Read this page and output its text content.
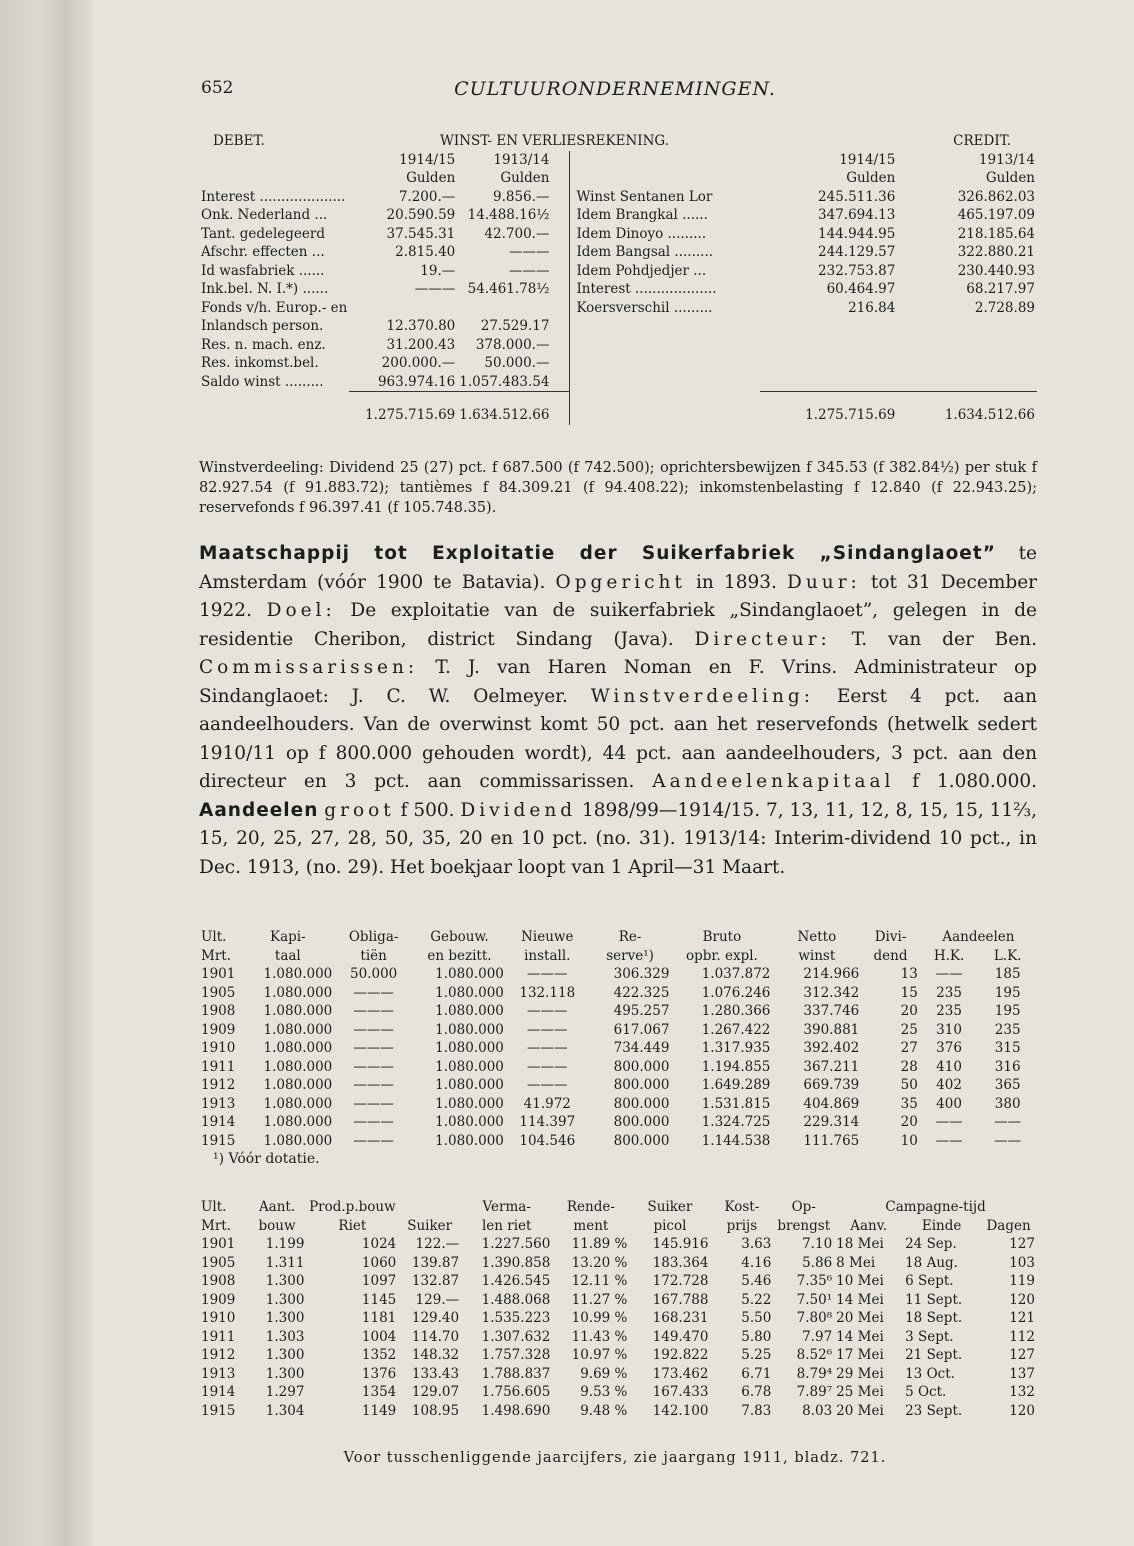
652	CULTUURONDERNEMINGEN.
DEBET.	WINST- EN VERLIESREKENING.				CREDIT.
	1914/15	1913/14		1914/15	1913/14
	Gulden	Gulden		Gulden	Gulden
Interest ....................	7.200.—	9.856.—	Winst Sentanen Lor	245.511.36	326.862.03
Onk. Nederland ...	20.590.59	14.488.16½	Idem Brangkal ......	347.694.13	465.197.09
Tant. gedelegeerd	37.545.31	42.700.—	Idem Dinoyo .........	144.944.95	218.185.64
Afschr. effecten ...	2.815.40	———	Idem Bangsal .........	244.129.57	322.880.21
Id wasfabriek ......	19.—	———	Idem Pohdjedjer ...	232.753.87	230.440.93
Ink.bel. N. I.*) ......	———	54.461.78½	Interest ...................	60.464.97	68.217.97
Fonds v/h. Europ.- en			Koersverschil .........	216.84	2.728.89
Inlandsch person.	12.370.80	27.529.17			
Res. n. mach. enz.	31.200.43	378.000.—			
Res. inkomst.bel.	200.000.—	50.000.—			
Saldo winst .........	963.974.16	1.057.483.54			

	1.275.715.69	1.634.512.66		1.275.715.69	1.634.512.66
Winstverdeeling: Dividend 25 (27) pct. f 687.500 (f 742.500); oprichtersbewijzen f 345.53 (f 382.84½) per stuk f 82.927.54 (f 91.883.72); tantièmes f 84.309.21 (f 94.408.22); inkomstenbelasting f 12.840 (f 22.943.25); reservefonds f 96.397.41 (f 105.748.35).
Maatschappij tot Exploitatie der Suikerfabriek „Sindanglaoet” te Amsterdam (vóór 1900 te Batavia). Opgericht in 1893. Duur: tot 31 December 1922. Doel: De exploitatie van de suikerfabriek „Sindanglaoet”, gelegen in de residentie Cheribon, district Sindang (Java). Directeur: T. van der Ben. Commissarissen: T. J. van Haren Noman en F. Vrins. Administrateur op Sindanglaoet: J. C. W. Oelmeyer. Winstverdeeling: Eerst 4 pct. aan aandeelhouders. Van de overwinst komt 50 pct. aan het reservefonds (hetwelk sedert 1910/11 op f 800.000 gehouden wordt), 44 pct. aan aandeelhouders, 3 pct. aan den directeur en 3 pct. aan commissarissen. Aandeelenkapitaal f 1.080.000. Aandeelen groot f 500. Dividend 1898/99—1914/15. 7, 13, 11, 12, 8, 15, 15, 11⅔, 15, 20, 25, 27, 28, 50, 35, 20 en 10 pct. (no. 31). 1913/14: Interim-dividend 10 pct., in Dec. 1913, (no. 29). Het boekjaar loopt van 1 April—31 Maart.
Ult.	Kapi-	Obliga-	Gebouw.	Nieuwe	Re-	Bruto	Netto	Divi-	Aandeelen	
Mrt.	taal	tiën	en bezitt.	install.	serve¹)	opbr. expl.	winst	dend	H.K.	L.K.
1901	1.080.000	50.000	1.080.000	———	306.329	1.037.872	214.966	13	——	185
1905	1.080.000	———	1.080.000	132.118	422.325	1.076.246	312.342	15	235	195
1908	1.080.000	———	1.080.000	———	495.257	1.280.366	337.746	20	235	195
1909	1.080.000	———	1.080.000	———	617.067	1.267.422	390.881	25	310	235
1910	1.080.000	———	1.080.000	———	734.449	1.317.935	392.402	27	376	315
1911	1.080.000	———	1.080.000	———	800.000	1.194.855	367.211	28	410	316
1912	1.080.000	———	1.080.000	———	800.000	1.649.289	669.739	50	402	365
1913	1.080.000	———	1.080.000	41.972	800.000	1.531.815	404.869	35	400	380
1914	1.080.000	———	1.080.000	114.397	800.000	1.324.725	229.314	20	——	——
1915	1.080.000	———	1.080.000	104.546	800.000	1.144.538	111.765	10	——	——
¹) Vóór dotatie.										
Ult.	Aant.	Prod.p.bouw		Verma-	Rende-	Suiker	Kost-	Op-	Campagne-tijd		
Mrt.	bouw	Riet	Suiker	len riet	ment	picol	prijs	brengst	Aanv.	Einde	Dagen
1901	1.199	1024	122.—	1.227.560	11.89 %	145.916	3.63	7.10	18 Mei	24 Sep.	127
1905	1.311	1060	139.87	1.390.858	13.20 %	183.364	4.16	5.86	8 Mei	18 Aug.	103
1908	1.300	1097	132.87	1.426.545	12.11 %	172.728	5.46	7.35⁶	10 Mei	6 Sept.	119
1909	1.300	1145	129.—	1.488.068	11.27 %	167.788	5.22	7.50¹	14 Mei	11 Sept.	120
1910	1.300	1181	129.40	1.535.223	10.99 %	168.231	5.50	7.80⁸	20 Mei	18 Sept.	121
1911	1.303	1004	114.70	1.307.632	11.43 %	149.470	5.80	7.97	14 Mei	3 Sept.	112
1912	1.300	1352	148.32	1.757.328	10.97 %	192.822	5.25	8.52⁶	17 Mei	21 Sept.	127
1913	1.300	1376	133.43	1.788.837	9.69 %	173.462	6.71	8.79⁴	29 Mei	13 Oct.	137
1914	1.297	1354	129.07	1.756.605	9.53 %	167.433	6.78	7.89⁷	25 Mei	5 Oct.	132
1915	1.304	1149	108.95	1.498.690	9.48 %	142.100	7.83	8.03	20 Mei	23 Sept.	120
Voor tusschenliggende jaarcijfers, zie jaargang 1911, bladz. 721.
